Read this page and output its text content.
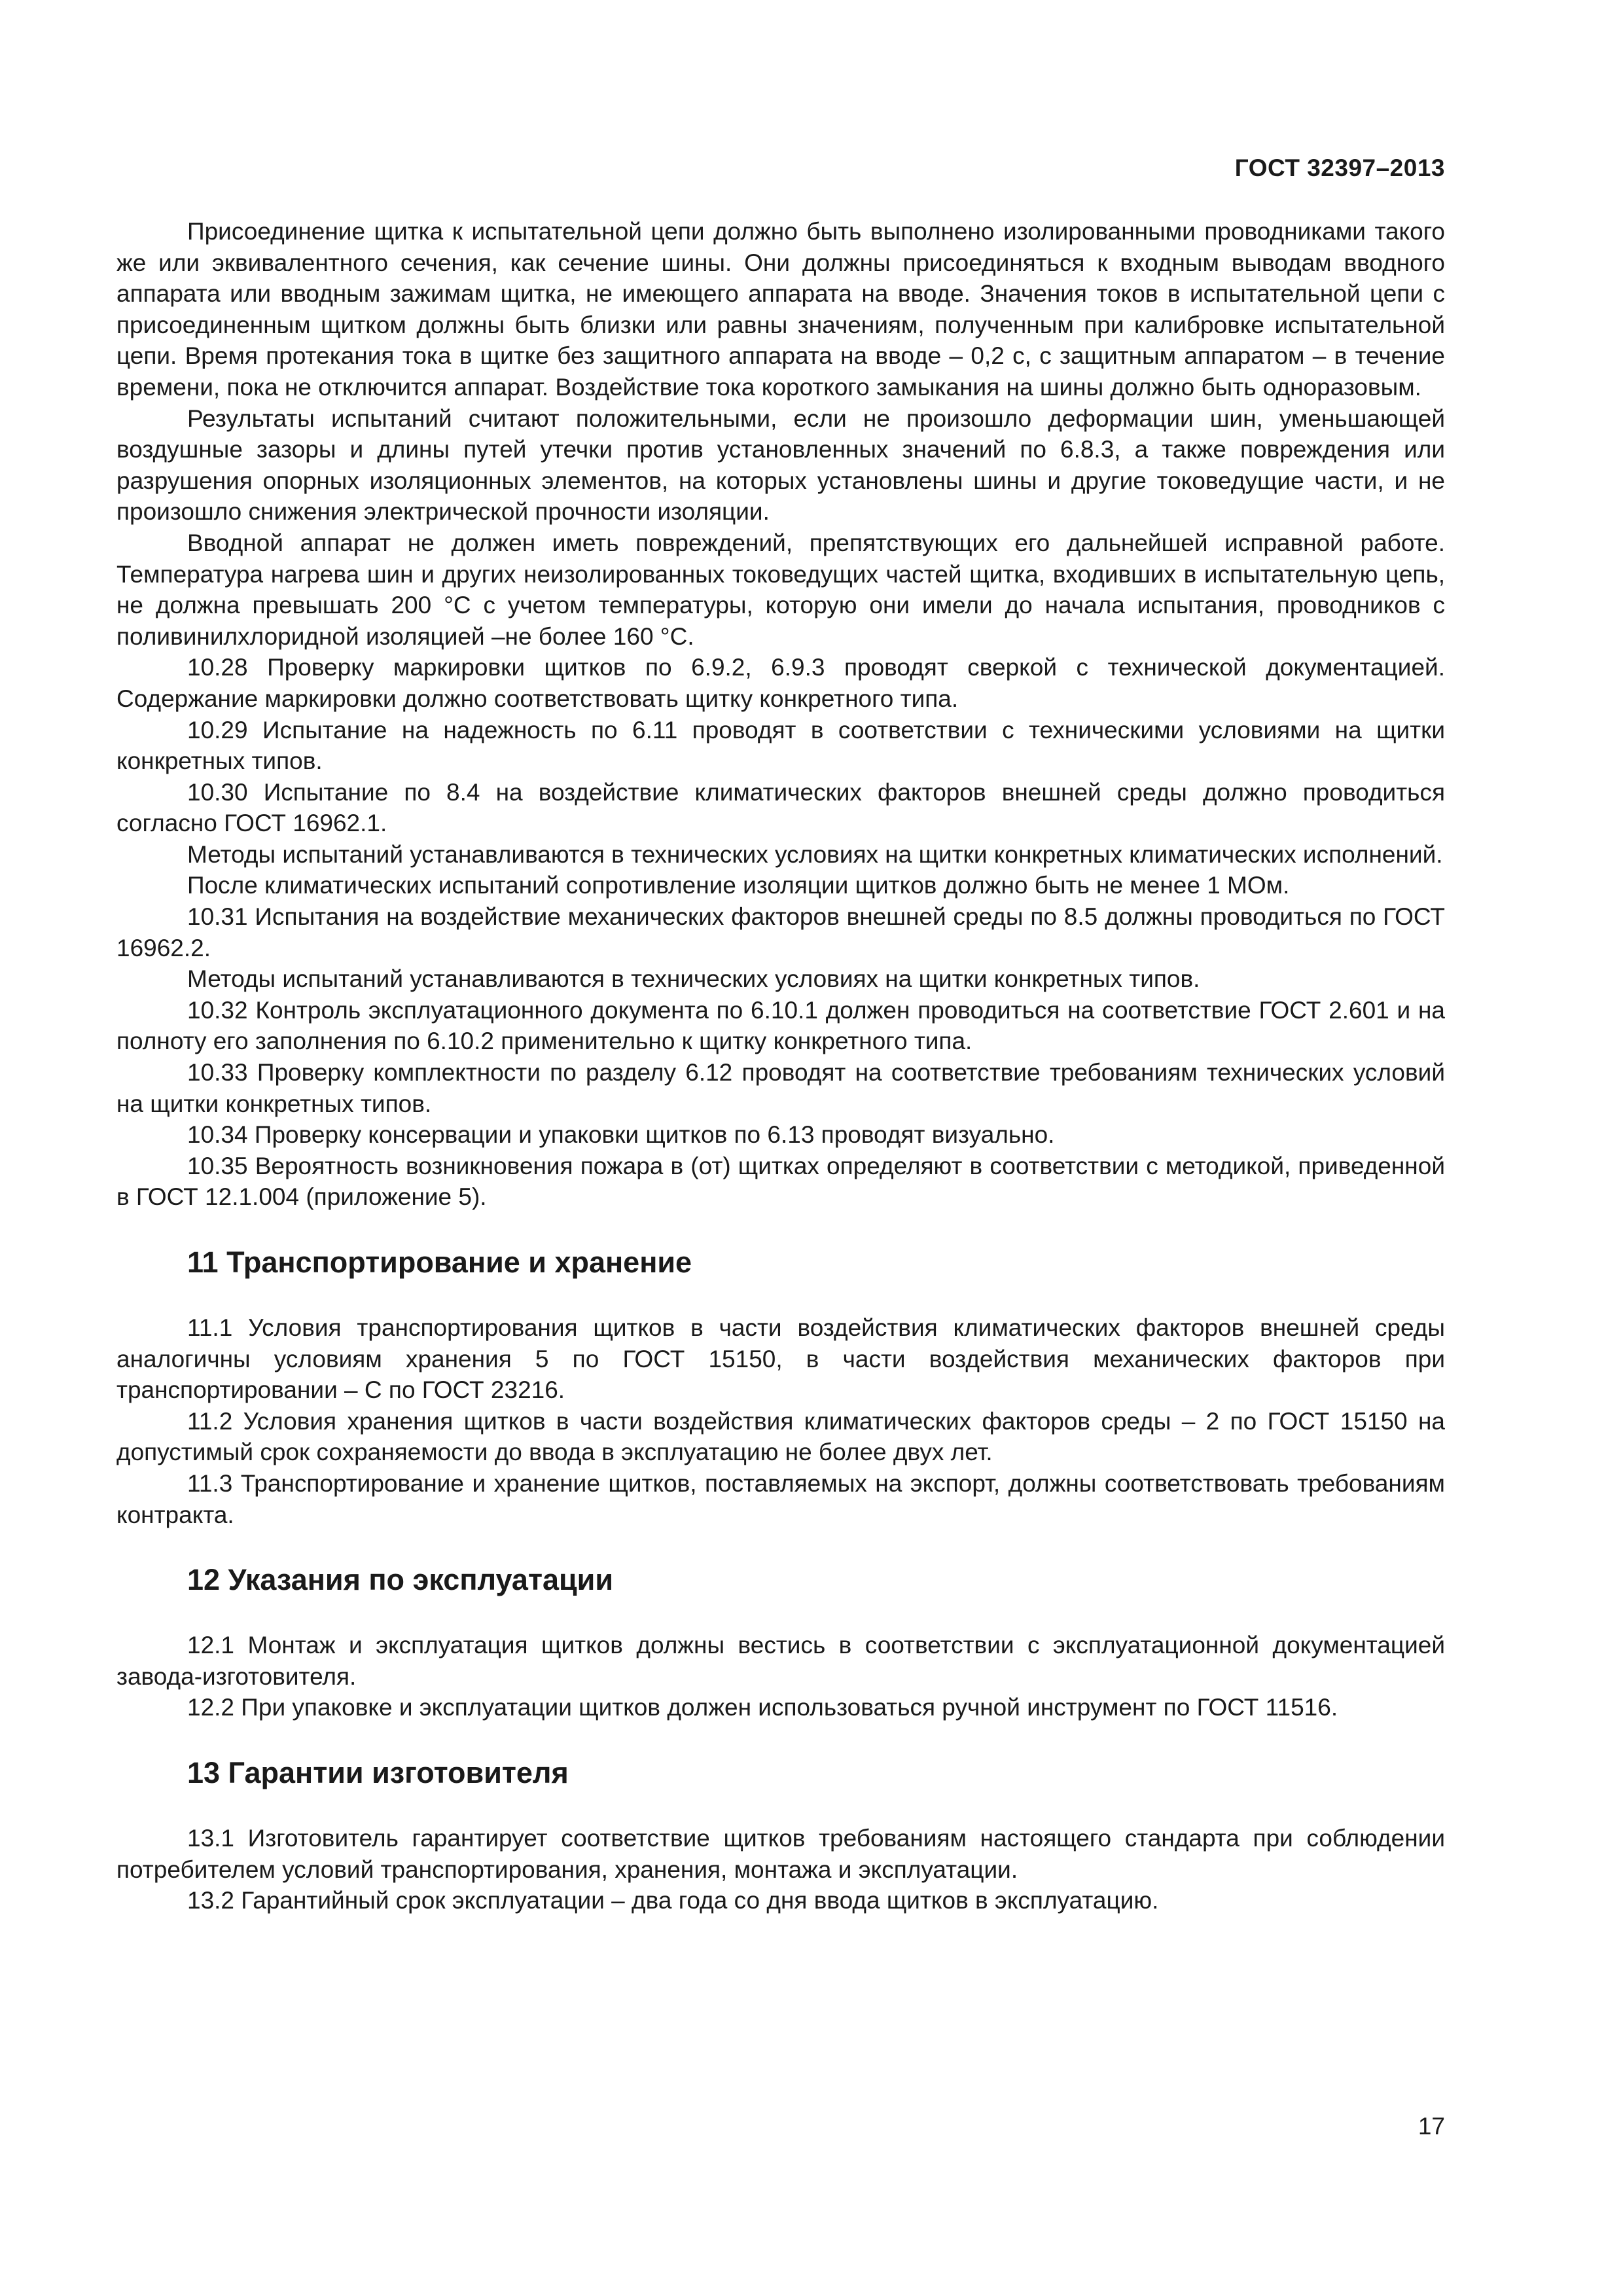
ГОСТ 32397–2013

Присоединение щитка к испытательной цепи должно быть выполнено изолированными проводниками такого же или эквивалентного сечения, как сечение шины. Они должны присоединяться к входным выводам вводного аппарата или вводным зажимам щитка, не имеющего аппарата на вводе. Значения токов в испытательной цепи с присоединенным щитком должны быть близки или равны значениям, полученным при калибровке испытательной цепи. Время протекания тока в щитке без защитного аппарата на вводе – 0,2 с, с защитным аппаратом – в течение времени, пока не отключится аппарат. Воздействие тока короткого замыкания на шины должно быть одноразовым.

Результаты испытаний считают положительными, если не произошло деформации шин, уменьшающей воздушные зазоры и длины путей утечки против установленных значений по 6.8.3, а также повреждения или разрушения опорных изоляционных элементов, на которых установлены шины и другие токоведущие части, и не произошло снижения электрической прочности изоляции.

Вводной аппарат не должен иметь повреждений, препятствующих его дальнейшей исправной работе. Температура нагрева шин и других неизолированных токоведущих частей щитка, входивших в испытательную цепь, не должна превышать 200 °С с учетом температуры, которую они имели до начала испытания, проводников с поливинилхлоридной изоляцией –не более 160 °С.

10.28 Проверку маркировки щитков по 6.9.2, 6.9.3 проводят сверкой с технической документацией. Содержание маркировки должно соответствовать щитку конкретного типа.

10.29 Испытание на надежность по 6.11 проводят в соответствии с техническими условиями на щитки конкретных типов.

10.30 Испытание по 8.4 на воздействие климатических факторов внешней среды должно проводиться согласно ГОСТ 16962.1.

Методы испытаний устанавливаются в технических условиях на щитки конкретных климатических исполнений.

После климатических испытаний сопротивление изоляции щитков должно быть не менее 1 МОм.

10.31 Испытания на воздействие механических факторов внешней среды по 8.5 должны проводиться по ГОСТ 16962.2.

Методы испытаний устанавливаются в технических условиях на щитки конкретных типов.

10.32 Контроль эксплуатационного документа по 6.10.1 должен проводиться на соответствие ГОСТ 2.601 и на полноту его заполнения по 6.10.2 применительно к щитку конкретного типа.

10.33 Проверку комплектности по разделу 6.12 проводят на соответствие требованиям технических условий на щитки конкретных типов.

10.34 Проверку консервации и упаковки щитков по 6.13 проводят визуально.

10.35 Вероятность возникновения пожара в (от) щитках определяют в соответствии с методикой, приведенной в ГОСТ 12.1.004 (приложение 5).

11 Транспортирование и хранение

11.1 Условия транспортирования щитков в части воздействия климатических факторов внешней среды аналогичны условиям хранения 5 по ГОСТ 15150, в части воздействия механических факторов при транспортировании – С по ГОСТ 23216.

11.2 Условия хранения щитков в части воздействия климатических факторов среды – 2 по ГОСТ 15150 на допустимый срок сохраняемости до ввода в эксплуатацию не более двух лет.

11.3 Транспортирование и хранение щитков, поставляемых на экспорт, должны соответствовать требованиям контракта.

12 Указания по эксплуатации

12.1 Монтаж и эксплуатация щитков должны вестись в соответствии с эксплуатационной документацией завода-изготовителя.

12.2 При упаковке и эксплуатации щитков должен использоваться ручной инструмент по ГОСТ 11516.

13 Гарантии изготовителя

13.1 Изготовитель гарантирует соответствие щитков требованиям настоящего стандарта при соблюдении потребителем условий транспортирования, хранения, монтажа и эксплуатации.

13.2 Гарантийный срок эксплуатации – два года со дня ввода щитков в эксплуатацию.

17
